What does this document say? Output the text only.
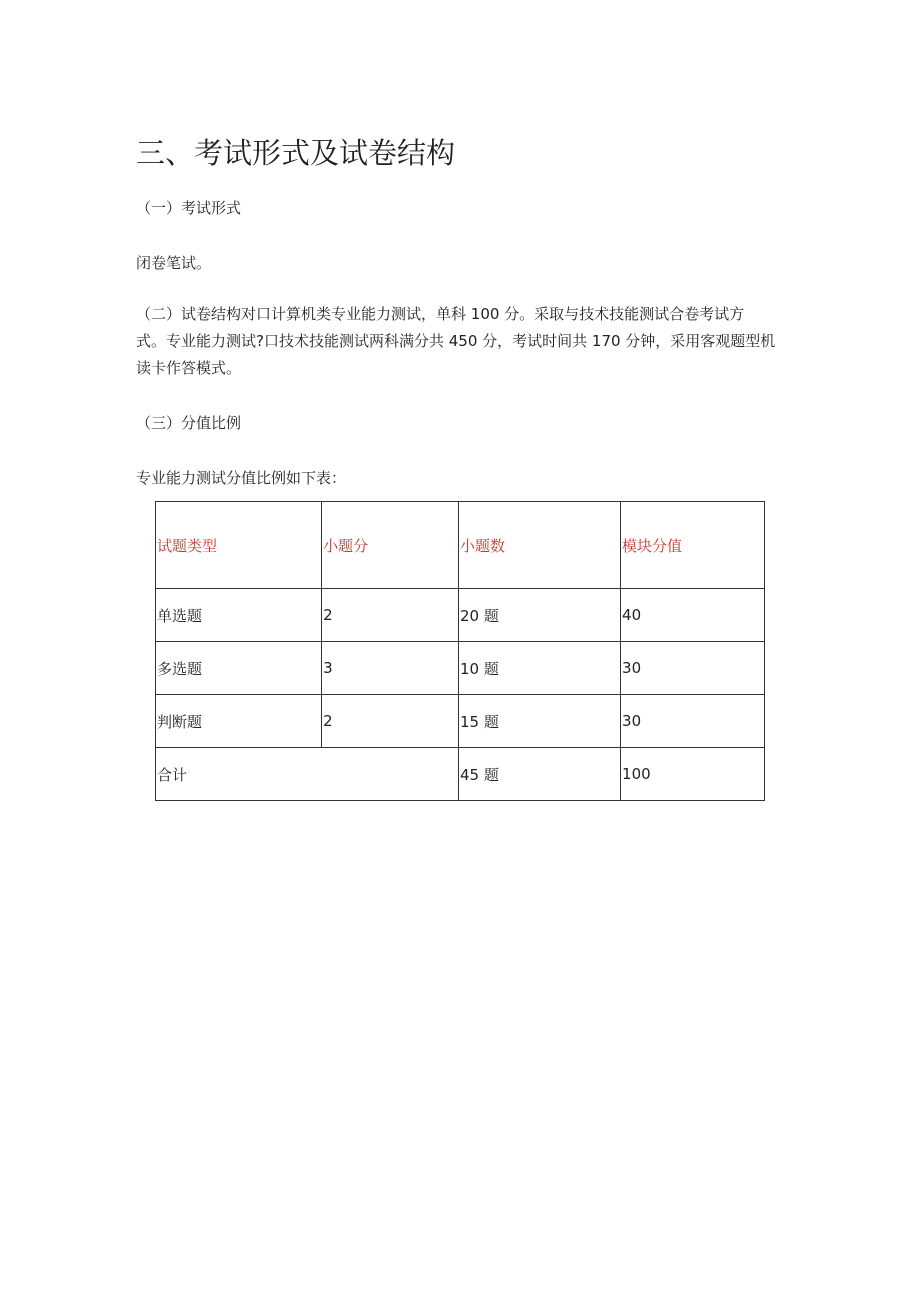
三、考试形式及试卷结构
（一）考试形式
闭卷笔试。
（二）试卷结构对口计算机类专业能力测试，单科 100 分。采取与技术技能测试合卷考试方
式。专业能力测试?口技术技能测试两科满分共 450 分，考试时间共 170 分钟，采用客观题型机
读卡作答模式。
（三）分值比例
专业能力测试分值比例如下表：
试题类型	小题分	小题数	模块分值
单选题	2	20 题	40
多选题	3	10 题	30
判断题	2	15 题	30
合计		45 题	100
